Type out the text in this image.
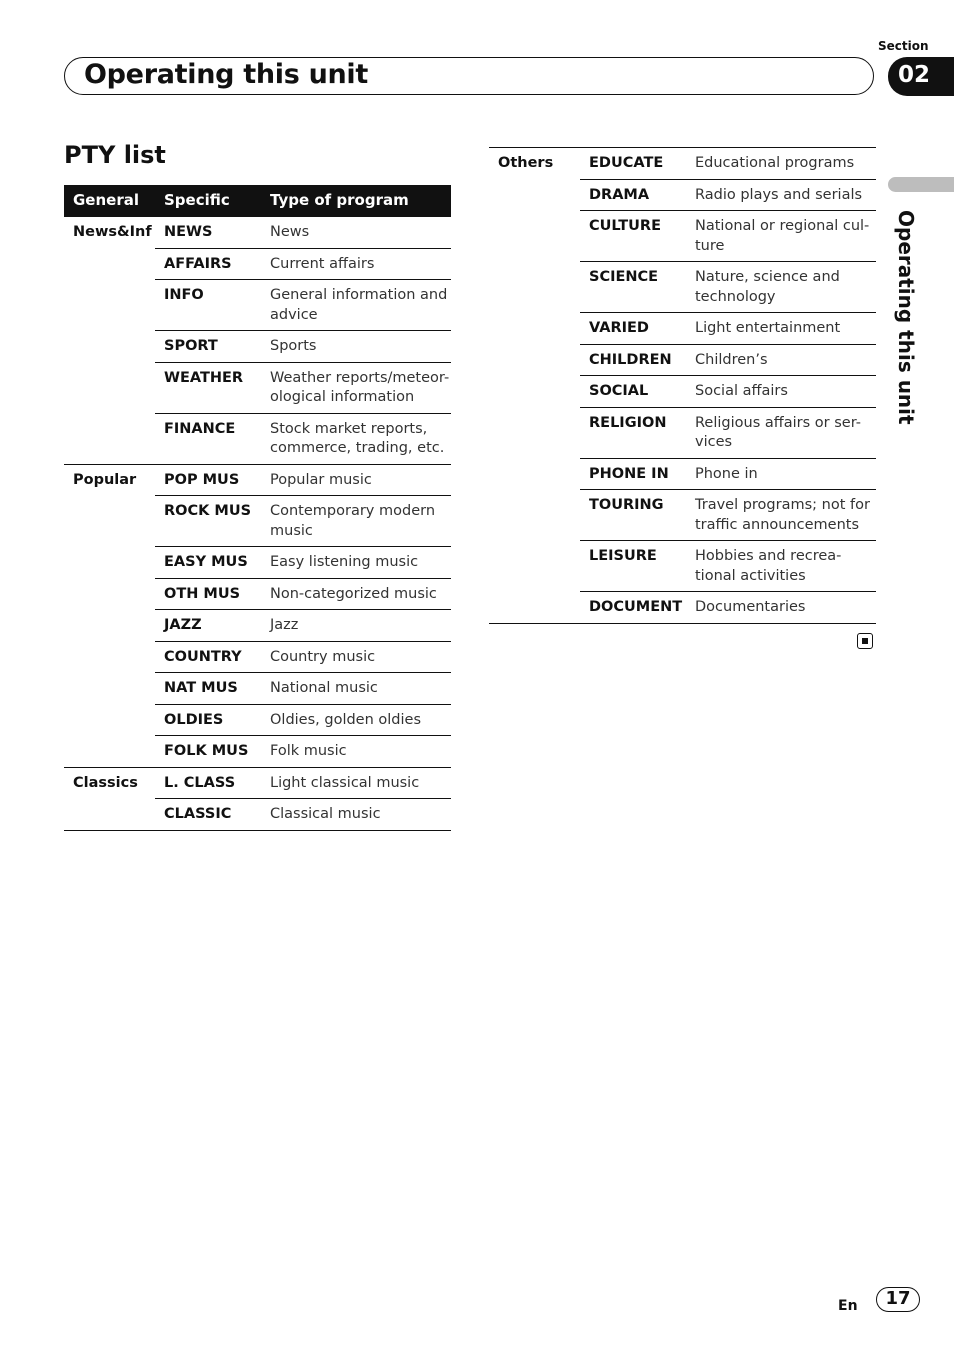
Section
Operating this unit	02
Operating this unit
PTY list
General	Specific	Type of program
News&Inf	NEWS	News
	AFFAIRS	Current affairs
	INFO	General information and advice
	SPORT	Sports
	WEATHER	Weather reports/meteor- ological information
	FINANCE	Stock market reports, commerce, trading, etc.
Popular	POP MUS	Popular music
	ROCK MUS	Contemporary modern music
	EASY MUS	Easy listening music
	OTH MUS	Non-categorized music
	JAZZ	Jazz
	COUNTRY	Country music
	NAT MUS	National music
	OLDIES	Oldies, golden oldies
	FOLK MUS	Folk music
Classics	L. CLASS	Light classical music
	CLASSIC	Classical music
Others	EDUCATE	Educational programs
	DRAMA	Radio plays and serials
	CULTURE	National or regional cul- ture
	SCIENCE	Nature, science and technology
	VARIED	Light entertainment
	CHILDREN	Children’s
	SOCIAL	Social affairs
	RELIGION	Religious affairs or ser- vices
	PHONE IN	Phone in
	TOURING	Travel programs; not for traffic announcements
	LEISURE	Hobbies and recrea- tional activities
	DOCUMENT	Documentaries
En	17
